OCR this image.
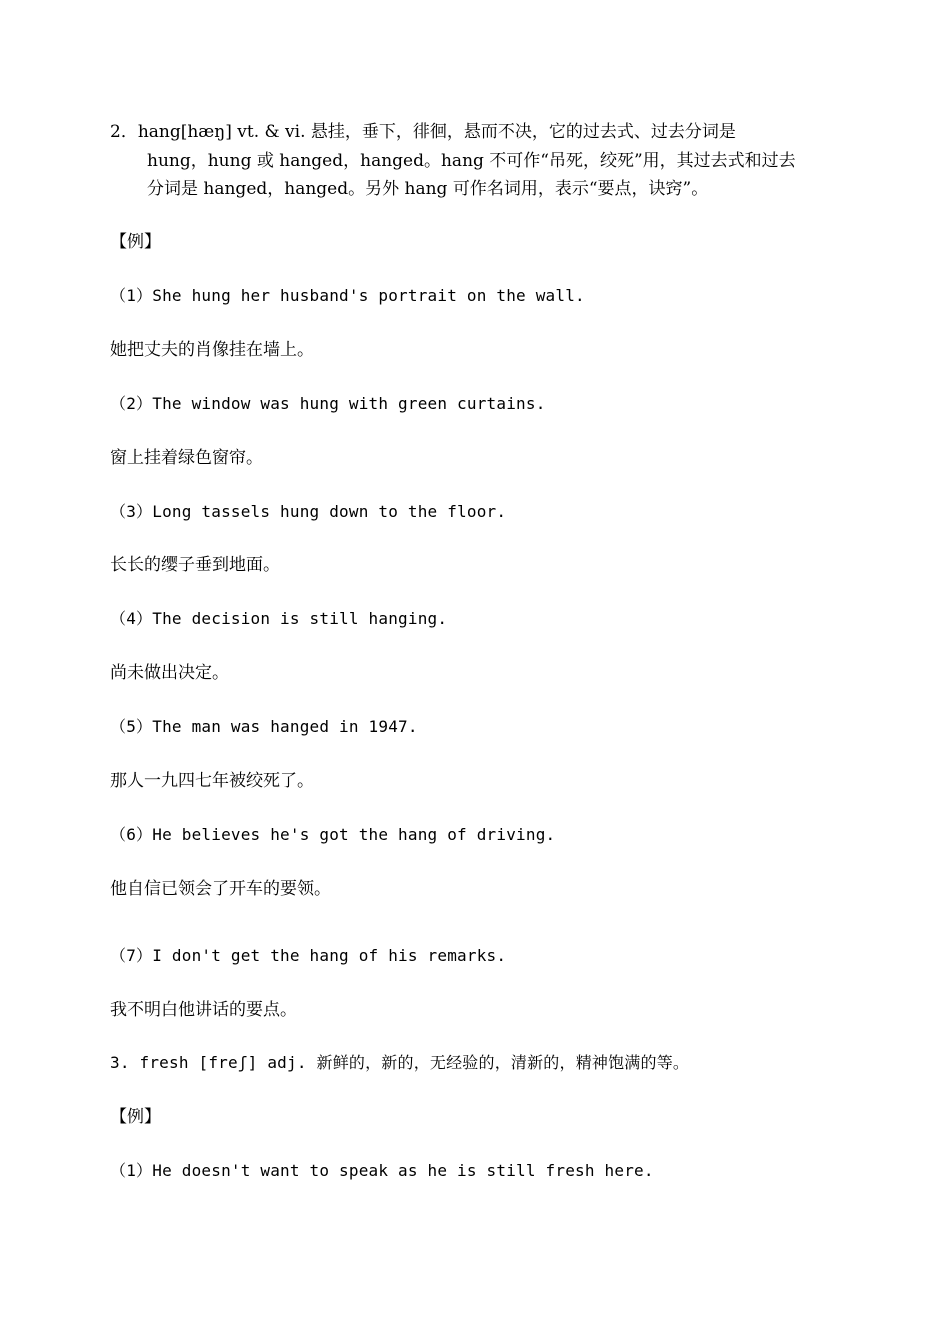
2．hang[hæŋ] vt. & vi. 悬挂，垂下，徘徊，悬而不决，它的过去式、过去分词是
hung，hung 或 hanged，hanged。hang 不可作“吊死，绞死”用，其过去式和过去
分词是 hanged，hanged。另外 hang 可作名词用，表示“要点，诀窍”。
【例】
（1）She hung her husband's portrait on the wall.
她把丈夫的肖像挂在墙上。
（2）The window was hung with green curtains.
窗上挂着绿色窗帘。
（3）Long tassels hung down to the floor.
长长的缨子垂到地面。
（4）The decision is still hanging.
尚未做出决定。
（5）The man was hanged in 1947.
那人一九四七年被绞死了。
（6）He believes he's got the hang of driving.
他自信已领会了开车的要领。
（7）I don't get the hang of his remarks.
我不明白他讲话的要点。
3. fresh [freʃ] adj. 新鲜的，新的，无经验的，清新的，精神饱满的等。
【例】
（1）He doesn't want to speak as he is still fresh here.
